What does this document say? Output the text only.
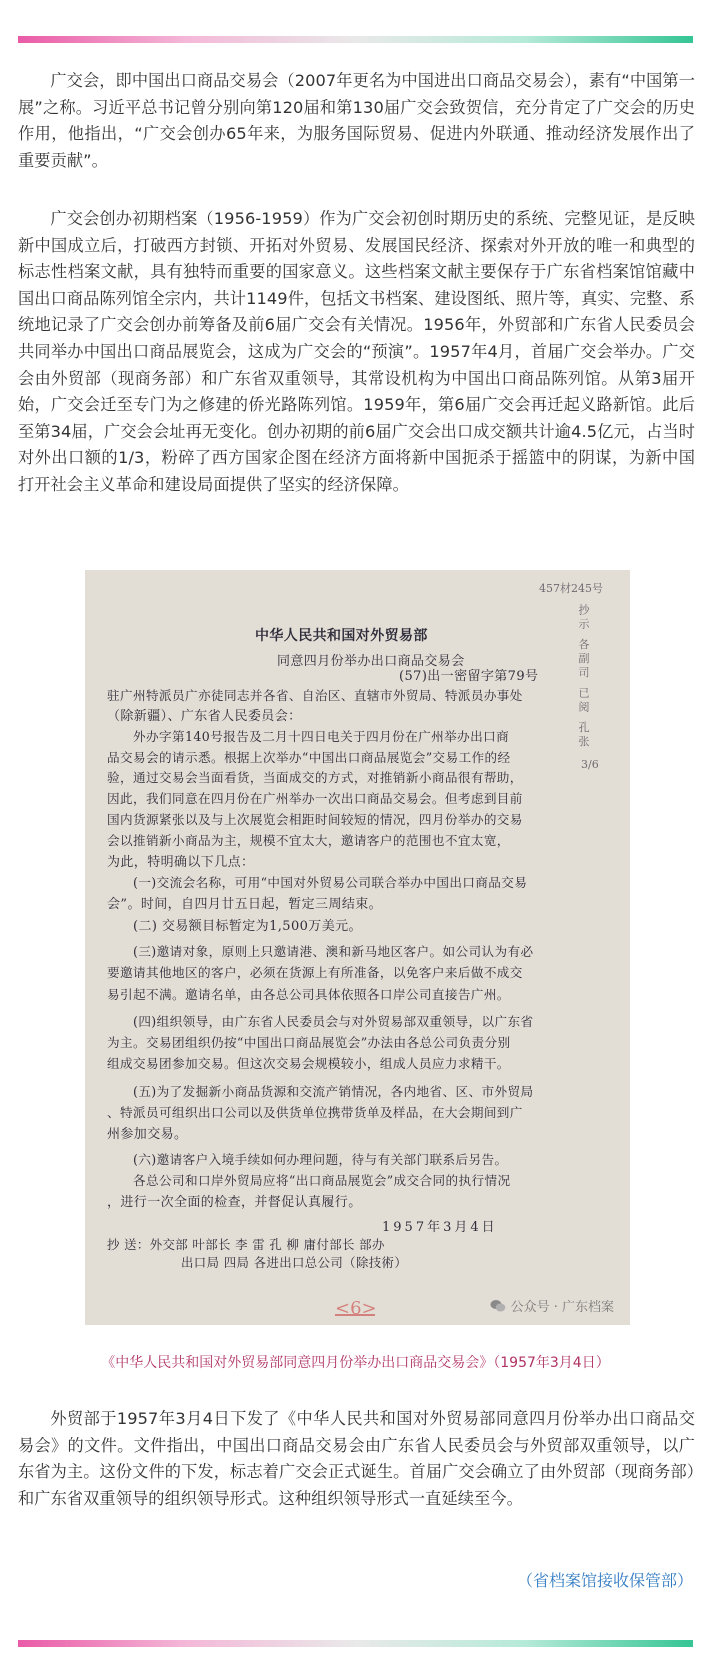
广交会，即中国出口商品交易会（2007年更名为中国进出口商品交易会），素有“中国第一展”之称。习近平总书记曾分别向第120届和第130届广交会致贺信，充分肯定了广交会的历史作用，他指出，“广交会创办65年来，为服务国际贸易、促进内外联通、推动经济发展作出了重要贡献”。

广交会创办初期档案（1956-1959）作为广交会初创时期历史的系统、完整见证，是反映新中国成立后，打破西方封锁、开拓对外贸易、发展国民经济、探索对外开放的唯一和典型的标志性档案文献，具有独特而重要的国家意义。这些档案文献主要保存于广东省档案馆馆藏中国出口商品陈列馆全宗内，共计1149件，包括文书档案、建设图纸、照片等，真实、完整、系统地记录了广交会创办前筹备及前6届广交会有关情况。1956年，外贸部和广东省人民委员会共同举办中国出口商品展览会，这成为广交会的“预演”。1957年4月，首届广交会举办。广交会由外贸部（现商务部）和广东省双重领导，其常设机构为中国出口商品陈列馆。从第3届开始，广交会迁至专门为之修建的侨光路陈列馆。1959年，第6届广交会再迁起义路新馆。此后至第34届，广交会会址再无变化。创办初期的前6届广交会出口成交额共计逾4.5亿元，占当时对外出口额的1/3，粉碎了西方国家企图在经济方面将新中国扼杀于摇篮中的阴谋，为新中国打开社会主义革命和建设局面提供了坚实的经济保障。

457材245号
抄示 各副司 已阅 孔张
3/6
中华人民共和国对外贸易部
同意四月份举办出口商品交易会
(57)出一密留字第79号
驻广州特派员广亦徒同志并各省、自治区、直辖市外贸局、特派员办事处
（除新疆）、广东省人民委员会：
外办字第140号报告及二月十四日电关于四月份在广州举办出口商
品交易会的请示悉。根据上次举办“中国出口商品展览会”交易工作的经
验，通过交易会当面看货，当面成交的方式，对推销新小商品很有帮助，
因此，我们同意在四月份在广州举办一次出口商品交易会。但考虑到目前
国内货源紧张以及与上次展览会相距时间较短的情况，四月份举办的交易
会以推销新小商品为主，规模不宜太大，邀请客户的范围也不宜太宽，
为此，特明确以下几点：
(一)交流会名称，可用“中国对外贸易公司联合举办中国出口商品交易
会”。时间，自四月廿五日起，暂定三周结束。
(二) 交易额目标暂定为1,500万美元。
(三)邀请对象，原则上只邀请港、澳和新马地区客户。如公司认为有必
要邀请其他地区的客户，必须在货源上有所准备，以免客户来后做不成交
易引起不满。邀请名单，由各总公司具体依照各口岸公司直接告广州。
(四)组织领导，由广东省人民委员会与对外贸易部双重领导，以广东省
为主。交易团组织仍按“中国出口商品展览会”办法由各总公司负责分别
组成交易团参加交易。但这次交易会规模较小，组成人员应力求精干。
(五)为了发掘新小商品货源和交流产销情况，各内地省、区、市外贸局
、特派员可组织出口公司以及供货单位携带货单及样品，在大会期间到广
州参加交易。
(六)邀请客户入境手续如何办理问题，待与有关部门联系后另告。
各总公司和口岸外贸局应将“出口商品展览会”成交合同的执行情况
，进行一次全面的检查，并督促认真履行。
1957年3月4日
抄 送：外交部 叶部长 李 雷 孔 柳 庸付部长 部办
出口局 四局 各进出口总公司（除技術）
<6>	公众号 · 广东档案

《中华人民共和国对外贸易部同意四月份举办出口商品交易会》（1957年3月4日）

外贸部于1957年3月4日下发了《中华人民共和国对外贸易部同意四月份举办出口商品交易会》的文件。文件指出，中国出口商品交易会由广东省人民委员会与外贸部双重领导，以广东省为主。这份文件的下发，标志着广交会正式诞生。首届广交会确立了由外贸部（现商务部）和广东省双重领导的组织领导形式。这种组织领导形式一直延续至今。

（省档案馆接收保管部）
